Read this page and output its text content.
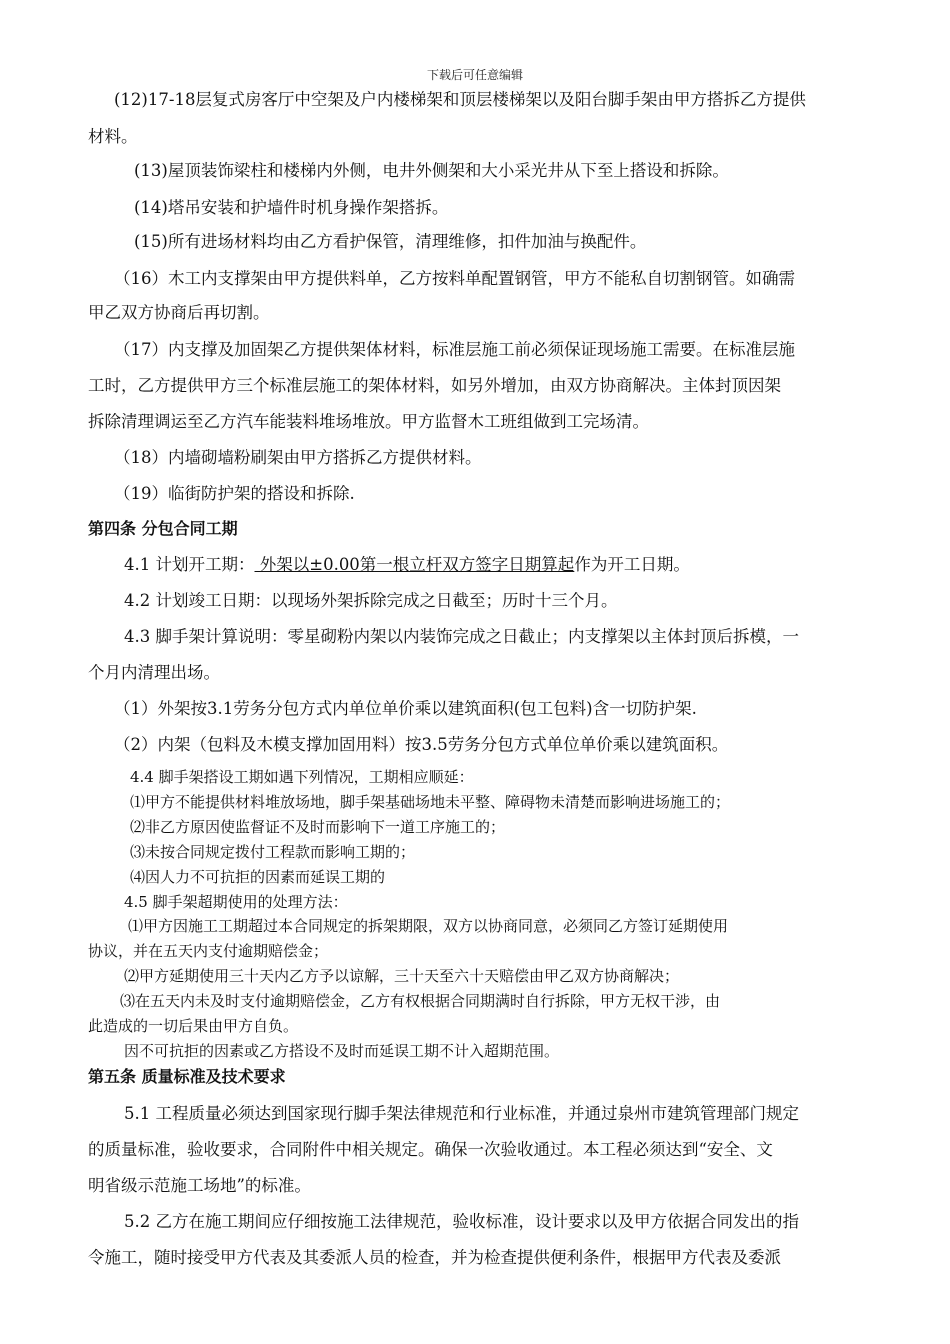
下载后可任意编辑
(12)17-18层复式房客厅中空架及户内楼梯架和顶层楼梯架以及阳台脚手架由甲方搭拆乙方提供
材料。
(13)屋顶装饰梁柱和楼梯内外侧，电井外侧架和大小采光井从下至上搭设和拆除。
(14)塔吊安装和护墙件时机身操作架搭拆。
(15)所有进场材料均由乙方看护保管，清理维修，扣件加油与换配件。
（16）木工内支撑架由甲方提供料单，乙方按料单配置钢管，甲方不能私自切割钢管。如确需
甲乙双方协商后再切割。
（17）内支撑及加固架乙方提供架体材料，标准层施工前必须保证现场施工需要。在标准层施
工时，乙方提供甲方三个标准层施工的架体材料，如另外增加，由双方协商解决。主体封顶因架
拆除清理调运至乙方汽车能装料堆场堆放。甲方监督木工班组做到工完场清。
（18）内墙砌墙粉刷架由甲方搭拆乙方提供材料。
（19）临街防护架的搭设和拆除.
第四条 分包合同工期
4.1 计划开工期： 外架以±0.00第一根立杆双方签字日期算起作为开工日期。
4.2 计划竣工日期：以现场外架拆除完成之日截至；历时十三个月。
4.3 脚手架计算说明：零星砌粉内架以内装饰完成之日截止；内支撑架以主体封顶后拆模，一
个月内清理出场。
（1）外架按3.1劳务分包方式内单位单价乘以建筑面积(包工包料)含一切防护架.
（2）内架（包料及木模支撑加固用料）按3.5劳务分包方式单位单价乘以建筑面积。
4.4 脚手架搭设工期如遇下列情况，工期相应顺延：
⑴甲方不能提供材料堆放场地，脚手架基础场地未平整、障碍物未清楚而影响进场施工的；
⑵非乙方原因使监督证不及时而影响下一道工序施工的；
⑶未按合同规定拨付工程款而影响工期的；
⑷因人力不可抗拒的因素而延误工期的
4.5 脚手架超期使用的处理方法：
⑴甲方因施工工期超过本合同规定的拆架期限，双方以协商同意，必须同乙方签订延期使用
协议，并在五天内支付逾期赔偿金；
⑵甲方延期使用三十天内乙方予以谅解，三十天至六十天赔偿由甲乙双方协商解决；
⑶在五天内未及时支付逾期赔偿金，乙方有权根据合同期满时自行拆除，甲方无权干涉，由
此造成的一切后果由甲方自负。
因不可抗拒的因素或乙方搭设不及时而延误工期不计入超期范围。
第五条 质量标准及技术要求
5.1 工程质量必须达到国家现行脚手架法律规范和行业标准，并通过泉州市建筑管理部门规定
的质量标准，验收要求，合同附件中相关规定。确保一次验收通过。本工程必须达到“安全、文
明省级示范施工场地”的标准。
5.2 乙方在施工期间应仔细按施工法律规范，验收标准，设计要求以及甲方依据合同发出的指
令施工，随时接受甲方代表及其委派人员的检查，并为检查提供便利条件，根据甲方代表及委派
